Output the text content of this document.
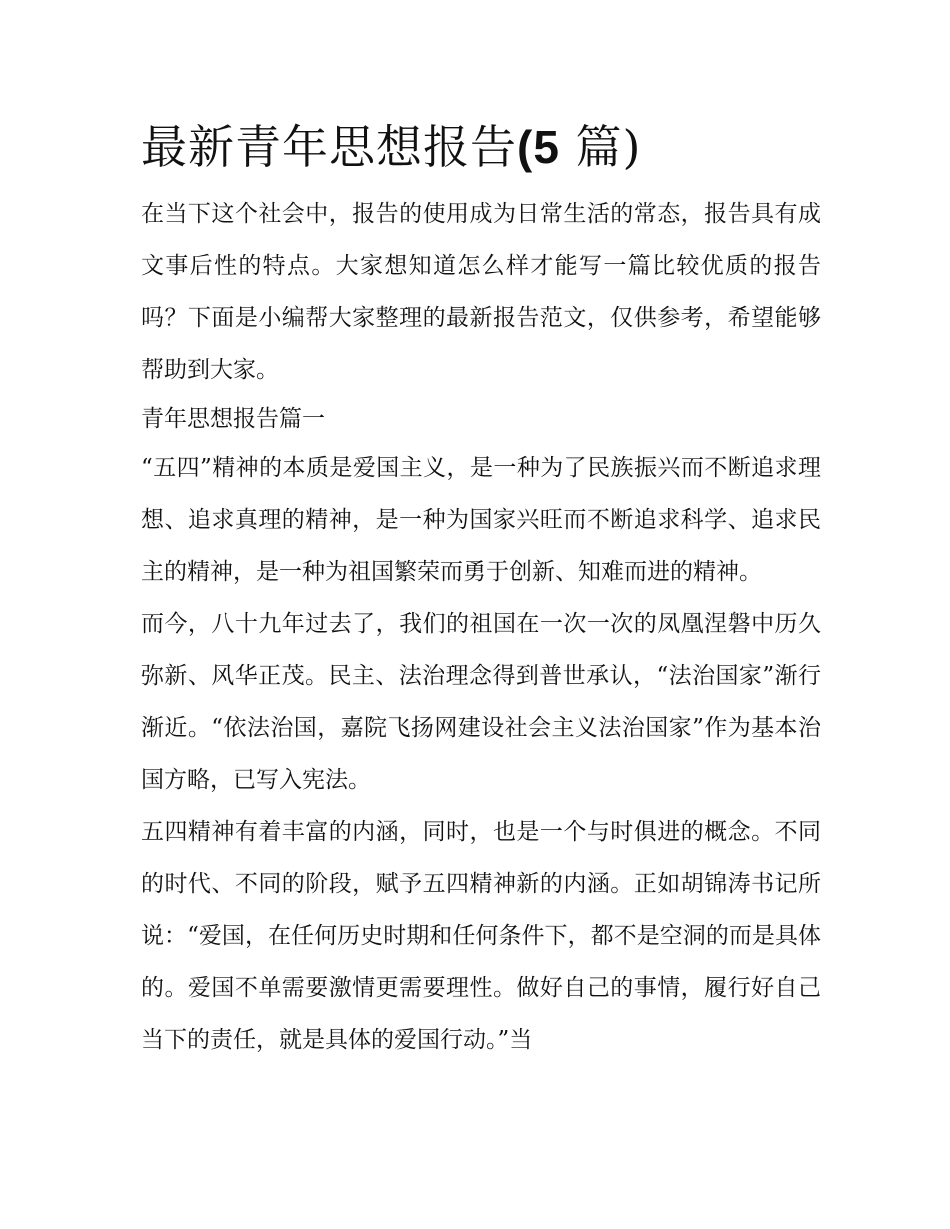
最新青年思想报告(5 篇)

在当下这个社会中，报告的使用成为日常生活的常态，报告具有成文事后性的特点。大家想知道怎么样才能写一篇比较优质的报告吗？下面是小编帮大家整理的最新报告范文，仅供参考，希望能够帮助到大家。

青年思想报告篇一

“五四”精神的本质是爱国主义，是一种为了民族振兴而不断追求理想、追求真理的精神，是一种为国家兴旺而不断追求科学、追求民主的精神，是一种为祖国繁荣而勇于创新、知难而进的精神。

而今，八十九年过去了，我们的祖国在一次一次的凤凰涅磐中历久弥新、风华正茂。民主、法治理念得到普世承认，“法治国家”渐行渐近。“依法治国，嘉院飞扬网建设社会主义法治国家”作为基本治国方略，已写入宪法。

五四精神有着丰富的内涵，同时，也是一个与时俱进的概念。不同的时代、不同的阶段，赋予五四精神新的内涵。正如胡锦涛书记所说：“爱国，在任何历史时期和任何条件下，都不是空洞的而是具体的。爱国不单需要激情更需要理性。做好自己的事情，履行好自己当下的责任，就是具体的爱国行动。”当
